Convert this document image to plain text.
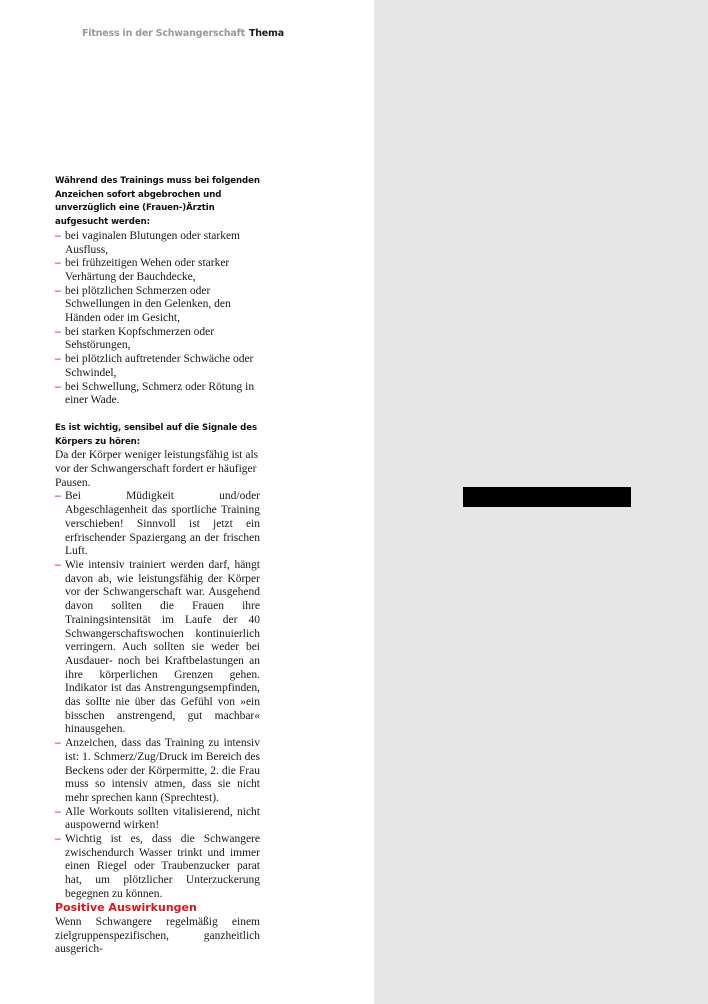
Fitness in der Schwangerschaft Thema
Während des Trainings muss bei folgenden Anzeichen sofort abgebrochen und unverzüglich eine (Frauen-)Ärztin aufgesucht werden:
– bei vaginalen Blutungen oder starkem Ausfluss,
– bei frühzeitigen Wehen oder starker Verhärtung der Bauchdecke,
– bei plötzlichen Schmerzen oder Schwellungen in den Gelenken, den Händen oder im Gesicht,
– bei starken Kopfschmerzen oder Sehstörungen,
– bei plötzlich auftretender Schwäche oder Schwindel,
– bei Schwellung, Schmerz oder Rötung in einer Wade.
Es ist wichtig, sensibel auf die Signale des Körpers zu hören:
Da der Körper weniger leistungsfähig ist als vor der Schwangerschaft fordert er häufiger Pausen.
– Bei Müdigkeit und/oder Abgeschlagenheit das sportliche Training verschieben! Sinnvoll ist jetzt ein erfrischender Spaziergang an der frischen Luft.
– Wie intensiv trainiert werden darf, hängt davon ab, wie leistungsfähig der Körper vor der Schwangerschaft war. Ausgehend davon sollten die Frauen ihre Trainingsintensität im Laufe der 40 Schwangerschaftswochen kontinuierlich verringern. Auch sollten sie weder bei Ausdauer- noch bei Kraftbelastungen an ihre körperlichen Grenzen gehen. Indikator ist das Anstrengungsempfinden, das sollte nie über das Gefühl von »ein bisschen anstrengend, gut machbar« hinausgehen.
– Anzeichen, dass das Training zu intensiv ist: 1. Schmerz/Zug/Druck im Bereich des Beckens oder der Körpermitte, 2. die Frau muss so intensiv atmen, dass sie nicht mehr sprechen kann (Sprechtest).
– Alle Workouts sollten vitalisierend, nicht auspowernd wirken!
– Wichtig ist es, dass die Schwangere zwischendurch Wasser trinkt und immer einen Riegel oder Traubenzucker parat hat, um plötzlicher Unterzuckerung begegnen zu können.
Positive Auswirkungen
Wenn Schwangere regelmäßig einem zielgruppenspezifischen, ganzheitlich ausgerich-
